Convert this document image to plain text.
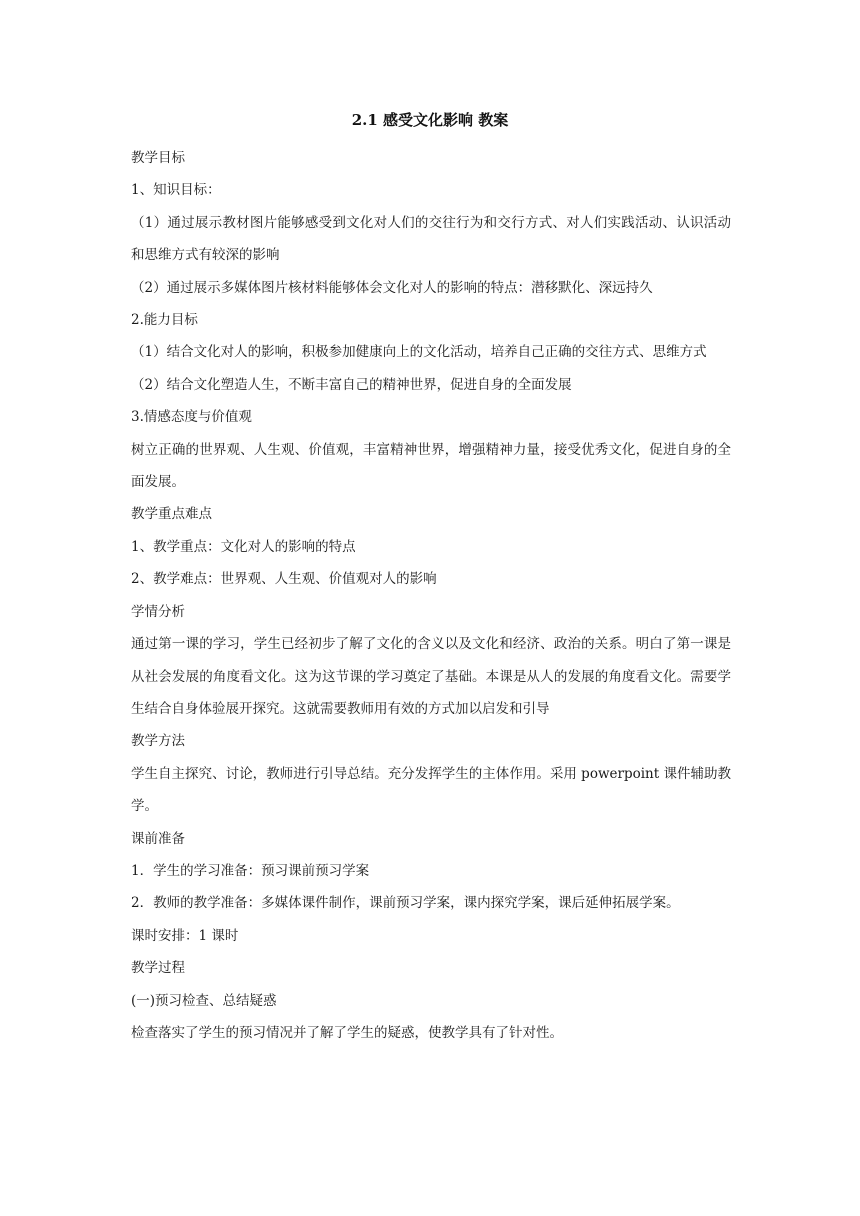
2.1 感受文化影响 教案

教学目标

1、知识目标：

（1）通过展示教材图片能够感受到文化对人们的交往行为和交行方式、对人们实践活动、认识活动和思维方式有较深的影响

（2）通过展示多媒体图片核材料能够体会文化对人的影响的特点：潜移默化、深远持久

2.能力目标

（1）结合文化对人的影响，积极参加健康向上的文化活动，培养自己正确的交往方式、思维方式

（2）结合文化塑造人生，不断丰富自己的精神世界，促进自身的全面发展

3.情感态度与价值观

树立正确的世界观、人生观、价值观，丰富精神世界，增强精神力量，接受优秀文化，促进自身的全面发展。

教学重点难点

1、教学重点：文化对人的影响的特点

2、教学难点：世界观、人生观、价值观对人的影响

学情分析

通过第一课的学习，学生已经初步了解了文化的含义以及文化和经济、政治的关系。明白了第一课是从社会发展的角度看文化。这为这节课的学习奠定了基础。本课是从人的发展的角度看文化。需要学生结合自身体验展开探究。这就需要教师用有效的方式加以启发和引导

教学方法

学生自主探究、讨论，教师进行引导总结。充分发挥学生的主体作用。采用 powerpoint 课件辅助教学。

课前准备

1．学生的学习准备：预习课前预习学案

2．教师的教学准备：多媒体课件制作，课前预习学案，课内探究学案，课后延伸拓展学案。

课时安排：1 课时

教学过程

(一)预习检查、总结疑惑

检查落实了学生的预习情况并了解了学生的疑惑，使教学具有了针对性。
